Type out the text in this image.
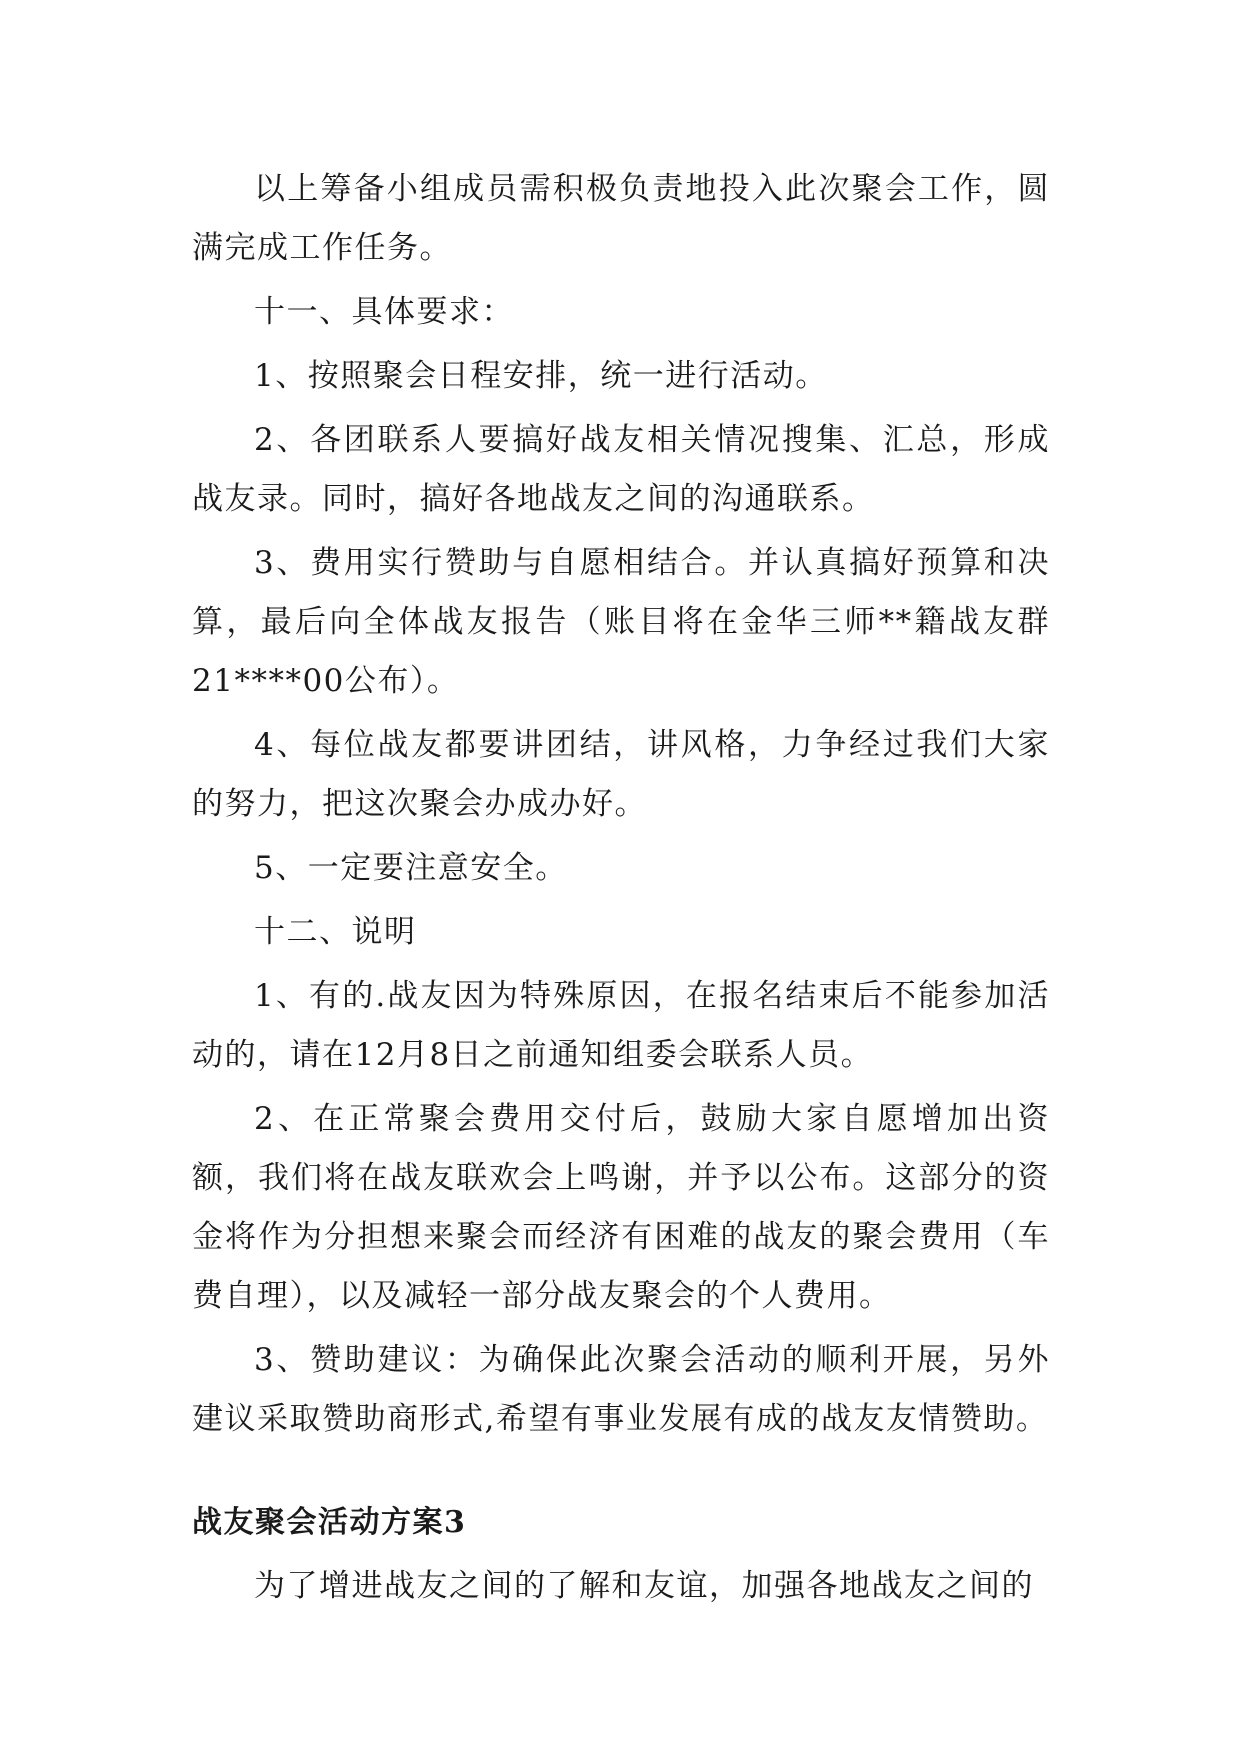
以上筹备小组成员需积极负责地投入此次聚会工作，圆满完成工作任务。

十一、具体要求：

1、按照聚会日程安排，统一进行活动。

2、各团联系人要搞好战友相关情况搜集、汇总，形成战友录。同时，搞好各地战友之间的沟通联系。

3、费用实行赞助与自愿相结合。并认真搞好预算和决算，最后向全体战友报告（账目将在金华三师**籍战友群21****00公布）。

4、每位战友都要讲团结，讲风格，力争经过我们大家的努力，把这次聚会办成办好。

5、一定要注意安全。

十二、说明

1、有的.战友因为特殊原因，在报名结束后不能参加活动的，请在12月8日之前通知组委会联系人员。

2、在正常聚会费用交付后，鼓励大家自愿增加出资额，我们将在战友联欢会上鸣谢，并予以公布。这部分的资金将作为分担想来聚会而经济有困难的战友的聚会费用（车费自理），以及减轻一部分战友聚会的个人费用。

3、赞助建议：为确保此次聚会活动的顺利开展，另外建议采取赞助商形式,希望有事业发展有成的战友友情赞助。

战友聚会活动方案3

为了增进战友之间的了解和友谊，加强各地战友之间的
